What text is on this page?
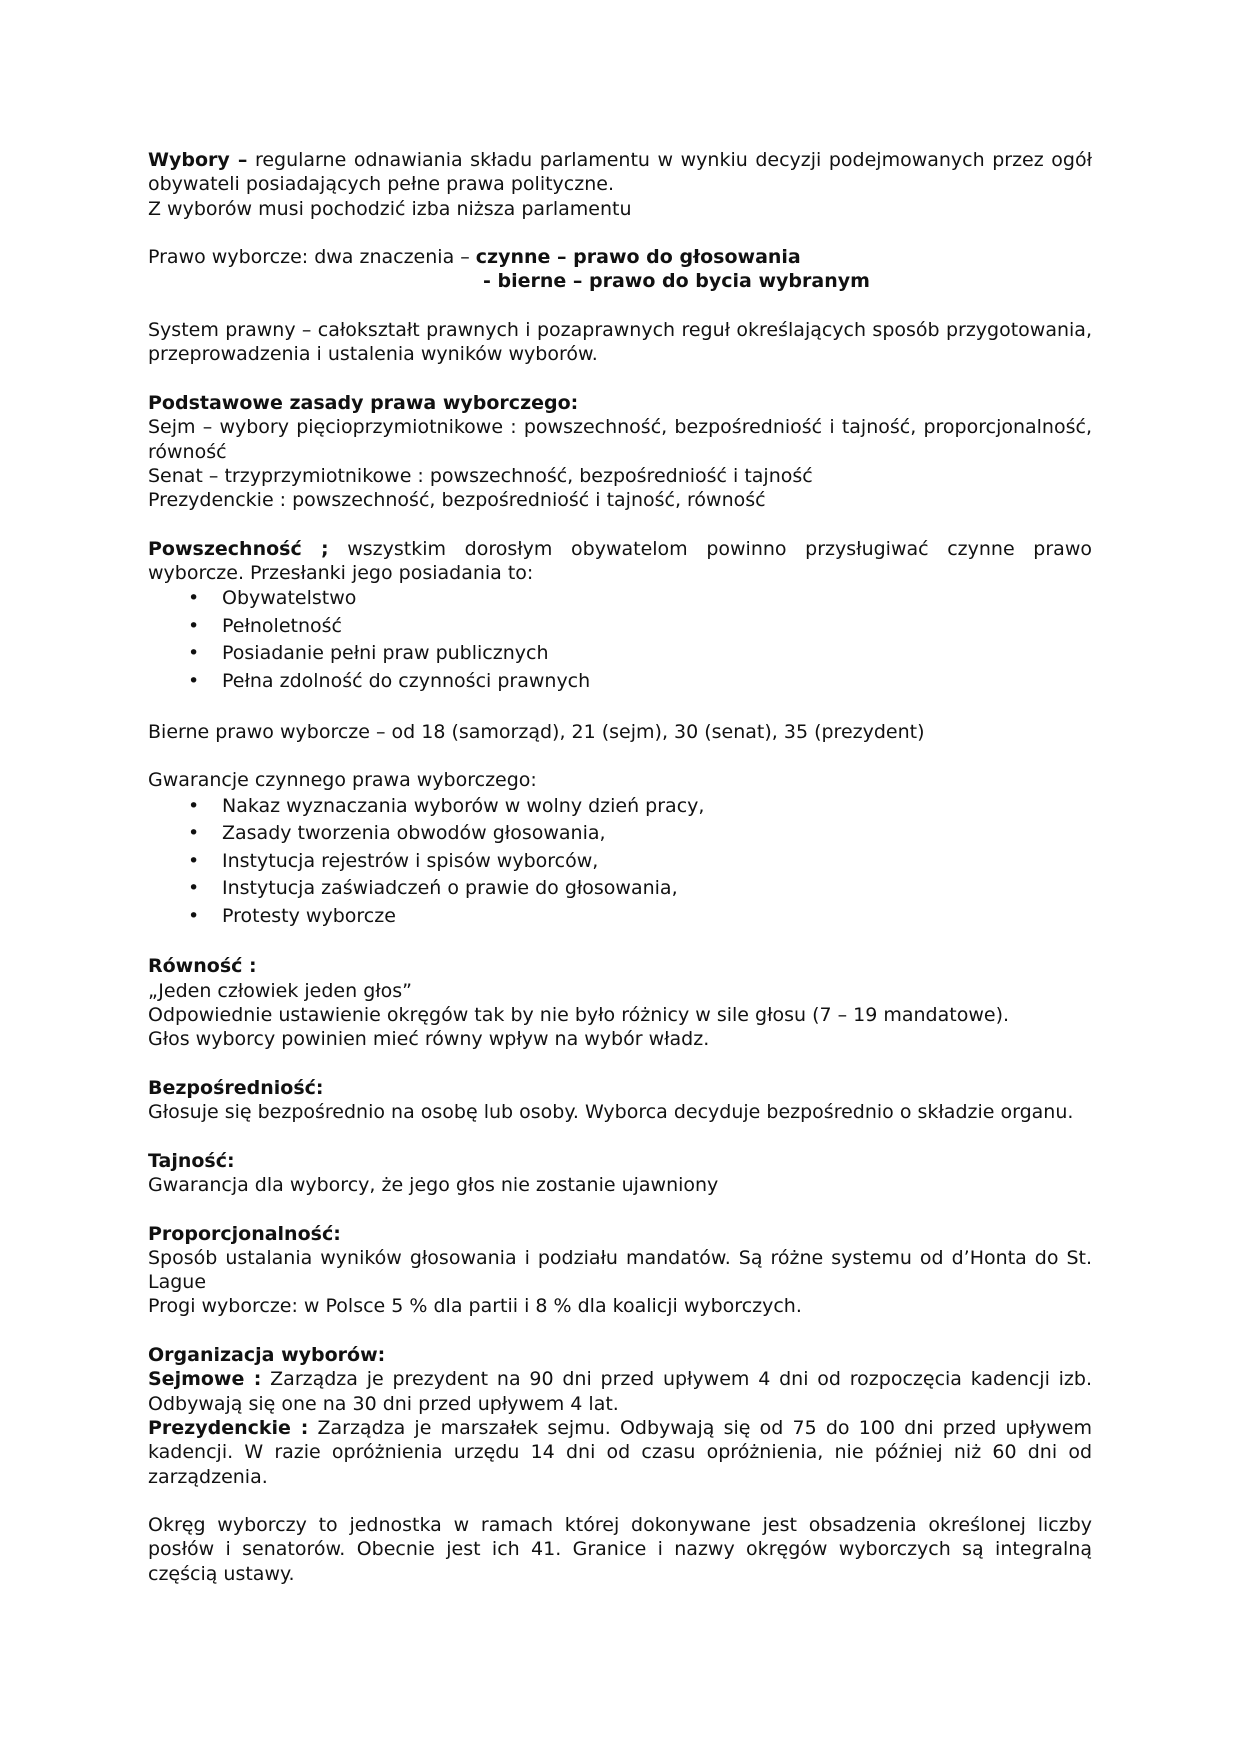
Wybory – regularne odnawiania składu parlamentu w wynkiu decyzji podejmowanych przez ogół obywateli posiadających pełne prawa polityczne.

Z wyborów musi pochodzić izba niższa parlamentu

Prawo wyborcze: dwa znaczenia – czynne – prawo do głosowania

- bierne – prawo do bycia wybranym

System prawny – całokształt prawnych i pozaprawnych reguł określających sposób przygotowania, przeprowadzenia i ustalenia wyników wyborów.

Podstawowe zasady prawa wyborczego:

Sejm – wybory pięcioprzymiotnikowe : powszechność, bezpośredniość i tajność, proporcjonalność, równość

Senat – trzyprzymiotnikowe : powszechność, bezpośredniość i tajność

Prezydenckie : powszechność, bezpośredniość i tajność, równość

Powszechność ; wszystkim dorosłym obywatelom powinno przysługiwać czynne prawo wyborcze. Przesłanki jego posiadania to:

• Obywatelstwo
• Pełnoletność
• Posiadanie pełni praw publicznych
• Pełna zdolność do czynności prawnych

Bierne prawo wyborcze – od 18 (samorząd), 21 (sejm), 30 (senat), 35 (prezydent)

Gwarancje czynnego prawa wyborczego:

• Nakaz wyznaczania wyborów w wolny dzień pracy,
• Zasady tworzenia obwodów głosowania,
• Instytucja rejestrów i spisów wyborców,
• Instytucja zaświadczeń o prawie do głosowania,
• Protesty wyborcze

Równość :

„Jeden człowiek jeden głos”

Odpowiednie ustawienie okręgów tak by nie było różnicy w sile głosu (7 – 19 mandatowe).

Głos wyborcy powinien mieć równy wpływ na wybór władz.

Bezpośredniość:

Głosuje się bezpośrednio na osobę lub osoby. Wyborca decyduje bezpośrednio o składzie organu.

Tajność:

Gwarancja dla wyborcy, że jego głos nie zostanie ujawniony

Proporcjonalność:

Sposób ustalania wyników głosowania i podziału mandatów. Są różne systemu od d’Honta do St. Lague

Progi wyborcze: w Polsce 5 % dla partii i 8 % dla koalicji wyborczych.

Organizacja wyborów:

Sejmowe : Zarządza je prezydent na 90 dni przed upływem 4 dni od rozpoczęcia kadencji izb. Odbywają się one na 30 dni przed upływem 4 lat.

Prezydenckie : Zarządza je marszałek sejmu. Odbywają się od 75 do 100 dni przed upływem kadencji. W razie opróżnienia urzędu 14 dni od czasu opróżnienia, nie później niż 60 dni od zarządzenia.

Okręg wyborczy to jednostka w ramach której dokonywane jest obsadzenia określonej liczby posłów i senatorów. Obecnie jest ich 41. Granice i nazwy okręgów wyborczych są integralną częścią ustawy.
